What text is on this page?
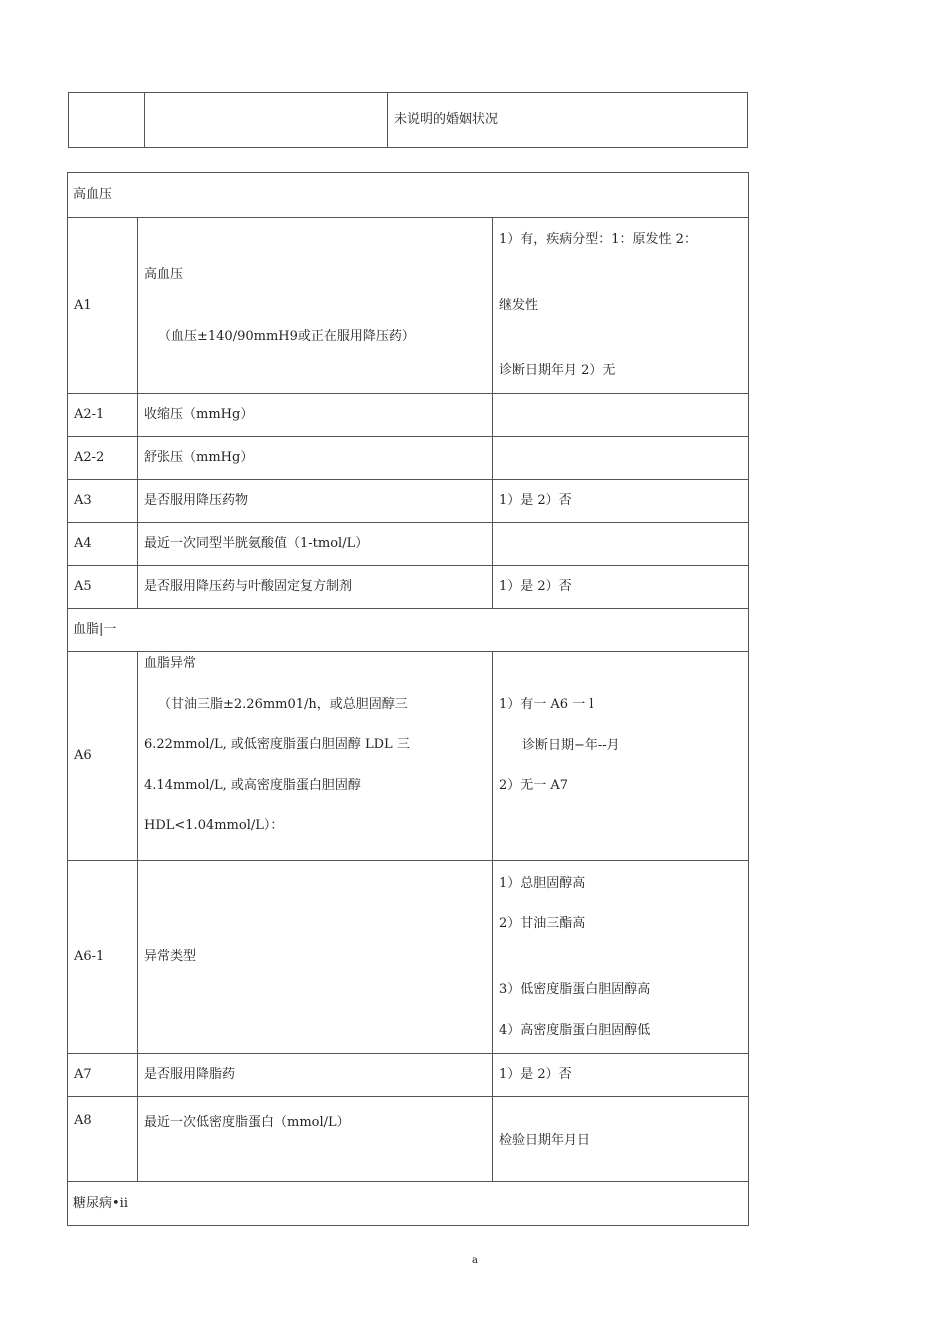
		未说明的婚姻状况
高血压		
A1	高血压
（血压±140/90mmH9或正在服用降压药）	1）有，疾病分型：1：原发性 2：
继发性
诊断日期年月 2）无

A2-1	收缩压（mmHg）	
A2-2	舒张压（mmHg）	
A3	是否服用降压药物	1）是 2）否
A4	最近一次同型半胱氨酸值（1-tmol/L）	
A5	是否服用降压药与叶酸固定复方制剂	1）是 2）否
血脂|一		
A6	血脂异常
（甘油三脂±2.26mm01/h，或总胆固醇三
6.22mmol/L, 或低密度脂蛋白胆固醇 LDL 三
4.14mmol/L, 或高密度脂蛋白胆固醇
HDL<1.04mmol/L）：	1）有一 A6 一 l
诊断日期−年--月
2）无一 A7

A6-1	异常类型	1）总胆固醇高
2）甘油三酯高
3）低密度脂蛋白胆固醇高
4）高密度脂蛋白胆固醇低

A7	是否服用降脂药	1）是 2）否
A8	最近一次低密度脂蛋白（mmol/L）	检验日期年月日
糖尿病•ii		
a
